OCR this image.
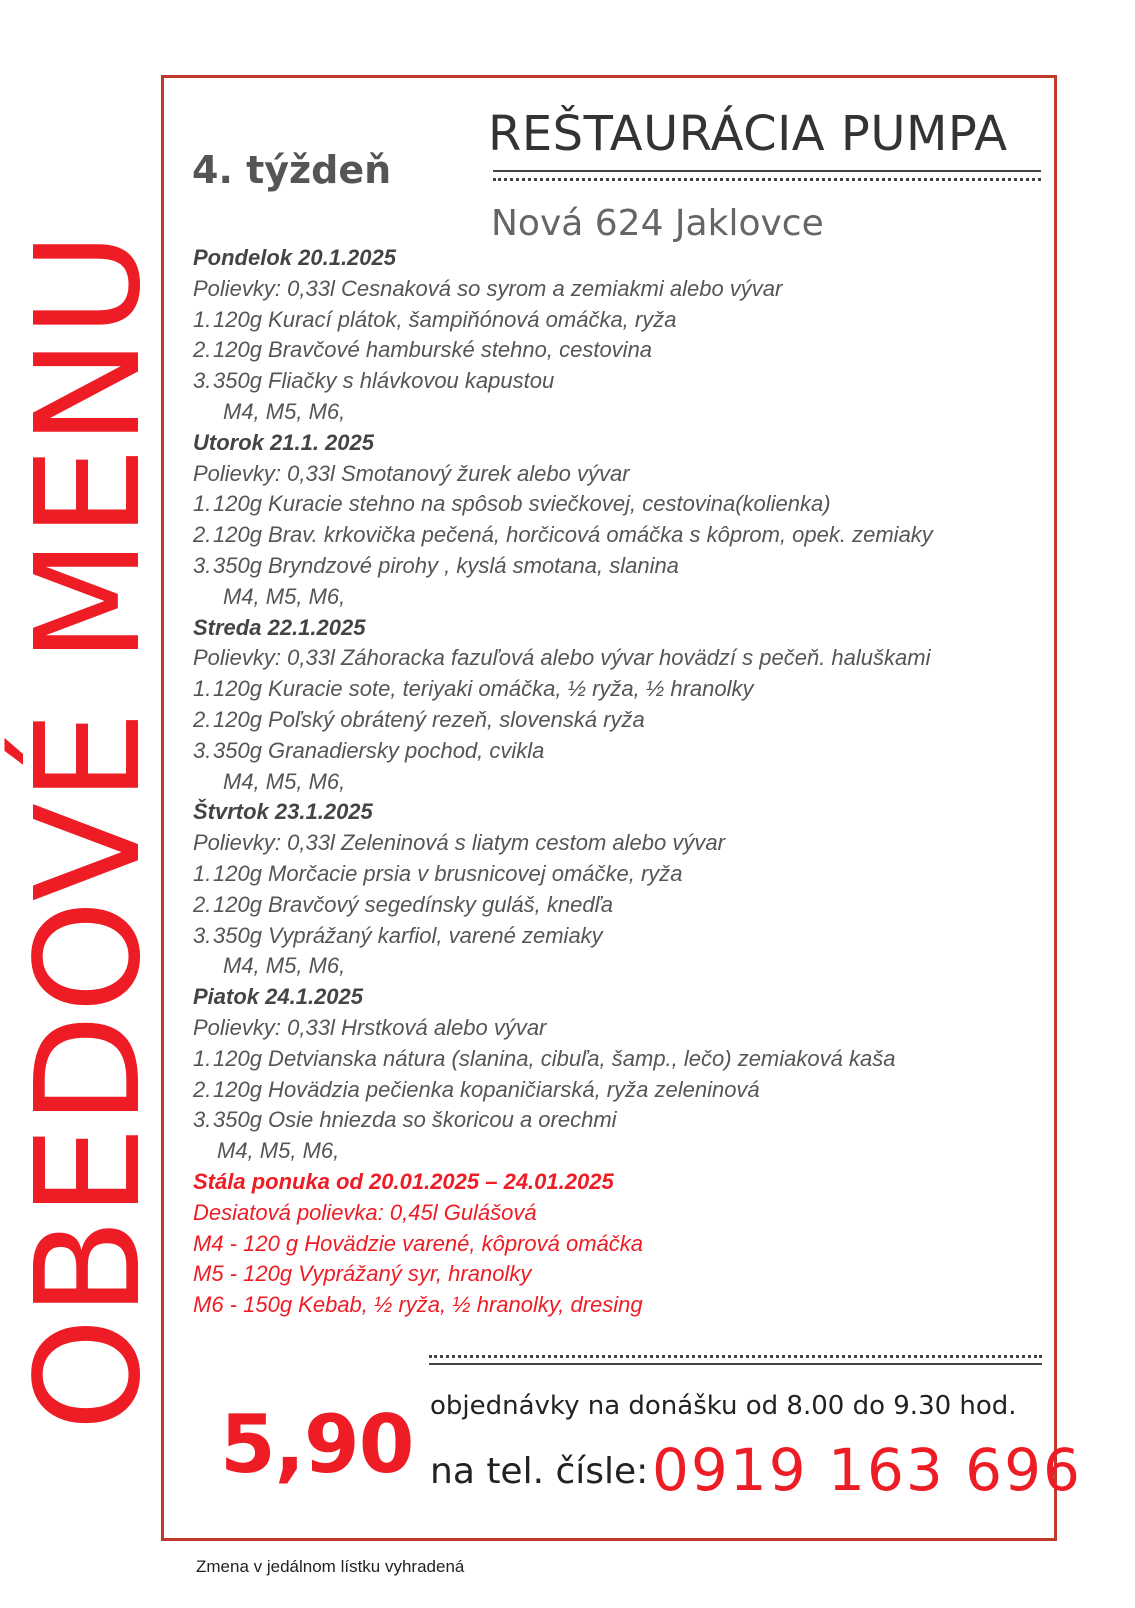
OBEDOVÉ MENU
4. týždeň
REŠTAURÁCIA PUMPA
Nová 624 Jaklovce
Pondelok 20.1.2025
Polievky: 0,33l Cesnaková so syrom a zemiakmi alebo vývar
1.120g Kurací plátok, šampiňónová omáčka, ryža
2.120g Bravčové hamburské stehno, cestovina
3.350g Fliačky s hlávkovou kapustou
M4, M5, M6,
Utorok 21.1. 2025
Polievky: 0,33l Smotanový žurek alebo vývar
1.120g Kuracie stehno na spôsob sviečkovej, cestovina(kolienka)
2.120g Brav. krkovička pečená, horčicová omáčka s kôprom, opek. zemiaky
3.350g Bryndzové pirohy , kyslá smotana, slanina
M4, M5, M6,
Streda 22.1.2025
Polievky: 0,33l Záhoracka fazuľová alebo vývar hovädzí s pečeň. haluškami
1.120g Kuracie sote, teriyaki omáčka, ½ ryža, ½ hranolky
2.120g Poľský obrátený rezeň, slovenská ryža
3.350g Granadiersky pochod, cvikla
M4, M5, M6,
Štvrtok 23.1.2025
Polievky: 0,33l Zeleninová s liatym cestom alebo vývar
1.120g Morčacie prsia v brusnicovej omáčke, ryža
2.120g Bravčový segedínsky guláš, knedľa
3.350g Vyprážaný karfiol, varené zemiaky
M4, M5, M6,
Piatok 24.1.2025
Polievky: 0,33l Hrstková alebo vývar
1.120g Detvianska nátura (slanina, cibuľa, šamp., lečo) zemiaková kaša
2.120g Hovädzia pečienka kopaničiarská, ryža zeleninová
3.350g Osie hniezda so škoricou a orechmi
M4, M5, M6,
Stála ponuka od 20.01.2025 – 24.01.2025
Desiatová polievka: 0,45l Gulášová
M4 - 120 g Hovädzie varené, kôprová omáčka
M5 - 120g Vyprážaný syr, hranolky
M6 - 150g Kebab, ½ ryža, ½ hranolky, dresing
5,90 objednávky na donášku od 8.00 do 9.30 hod.
na tel. čísle: 0919 163 696
Zmena v jedálnom lístku vyhradená
